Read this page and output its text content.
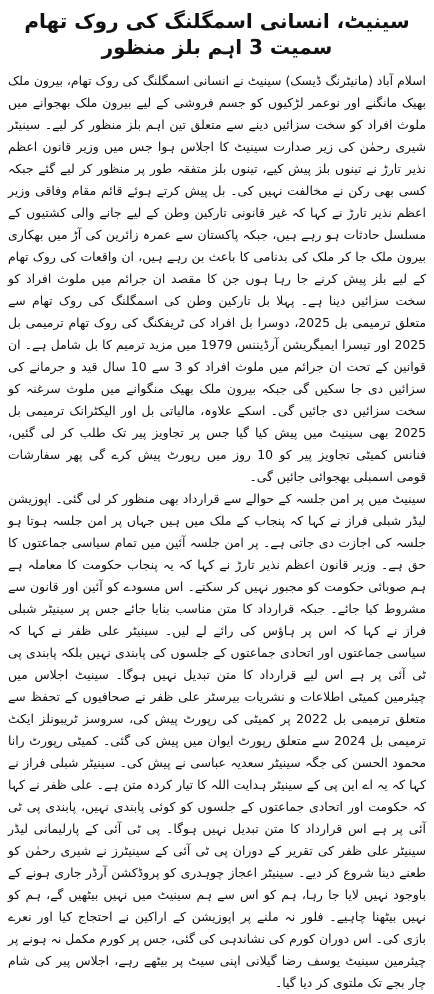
سینیٹ، انسانی اسمگلنگ کی روک تھام سمیت 3 اہم بلز منظور

اسلام آباد (مانیٹرنگ ڈیسک) سینیٹ نے انسانی اسمگلنگ کی روک تھام، بیرون ملک بھیک مانگنے اور نوعمر لڑکیوں کو جسم فروشی کے لیے بیرون ملک بھجوانے میں ملوث افراد کو سخت سزائیں دینے سے متعلق تین اہم بلز منظور کر لیے۔ سینیٹر شیری رحمٰن کی زیر صدارت سینیٹ کا اجلاس ہوا جس میں وزیر قانون اعظم نذیر تارڑ نے تینوں بلز پیش کیے، تینوں بلز متفقہ طور پر منظور کر لیے گئے جبکہ کسی بھی رکن نے مخالفت نہیں کی۔ بل پیش کرتے ہوئے قائم مقام وفاقی وزیر اعظم نذیر تارڑ نے کہا کہ غیر قانونی تارکین وطن کے لیے جانے والی کشتیوں کے مسلسل حادثات ہو رہے ہیں، جبکہ پاکستان سے عمرہ زائرین کی آڑ میں بھکاری بیرون ملک جا کر ملک کی بدنامی کا باعث بن رہے ہیں، ان واقعات کی روک تھام کے لیے بلز پیش کرنے جا رہا ہوں جن کا مقصد ان جرائم میں ملوث افراد کو سخت سزائیں دینا ہے۔ پہلا بل تارکین وطن کی اسمگلنگ کی روک تھام سے متعلق ترمیمی بل 2025، دوسرا بل افراد کی ٹریفکنگ کی روک تھام ترمیمی بل 2025 اور تیسرا ایمیگریشن آرڈیننس 1979 میں مزید ترمیم کا بل شامل ہے۔ ان قوانین کے تحت ان جرائم میں ملوث افراد کو 3 سے 10 سال قید و جرمانے کی سزائیں دی جا سکیں گی جبکہ بیرون ملک بھیک منگوانے میں ملوث سرغنہ کو سخت سزائیں دی جائیں گی۔ اسکے علاوہ، مالیاتی بل اور الیکٹرانک ترمیمی بل 2025 بھی سینیٹ میں پیش کیا گیا جس پر تجاویز پیر تک طلب کر لی گئیں، فنانس کمیٹی تجاویز پیر کو 10 روز میں رپورٹ پیش کرے گی پھر سفارشات قومی اسمبلی بھجوائی جائیں گی۔

سینیٹ میں پر امن جلسہ کے حوالے سے قرارداد بھی منظور کر لی گئی۔ اپوزیشن لیڈر شبلی فراز نے کہا کہ پنجاب کے ملک میں ہیں جہاں پر امن جلسہ ہوتا ہو جلسہ کی اجازت دی جاتی ہے۔ پر امن جلسہ آئین میں تمام سیاسی جماعتوں کا حق ہے۔ وزیر قانون اعظم نذیر تارڑ نے کہا کہ یہ پنجاب حکومت کا معاملہ ہے ہم صوبائی حکومت کو مجبور نہیں کر سکتے۔ اس مسودے کو آئین اور قانون سے مشروط کیا جائے۔ جبکہ قرارداد کا متن مناسب بنایا جائے جس پر سینیٹر شبلی فراز نے کہا کہ اس پر ہاؤس کی رائے لے لیں۔ سینیٹر علی ظفر نے کہا کہ سیاسی جماعتوں اور اتحادی جماعتوں کے جلسوں کی پابندی نہیں بلکہ پابندی پی ٹی آئی پر ہے اس لیے قرارداد کا متن تبدیل نہیں ہوگا۔ سینیٹ اجلاس میں چیئرمین کمیٹی اطلاعات و نشریات بیرسٹر علی ظفر نے صحافیوں کے تحفظ سے متعلق ترمیمی بل 2022 پر کمیٹی کی رپورٹ پیش کی، سروسز ٹریبونلز ایکٹ ترمیمی بل 2024 سے متعلق رپورٹ ایوان میں پیش کی گئی۔ کمیٹی رپورٹ رانا محمود الحسن کی جگہ سینیٹر سعدیہ عباسی نے پیش کی۔ سینیٹر شبلی فراز نے کہا کہ یہ اے این پی کے سینیٹر ہدایت اللہ کا تیار کردہ متن ہے۔ علی ظفر نے کہا کہ حکومت اور اتحادی جماعتوں کے جلسوں کو کوئی پابندی نہیں، پابندی پی ٹی آئی پر ہے اس قرارداد کا متن تبدیل نہیں ہوگا۔ پی ٹی آئی کے پارلیمانی لیڈر سینیٹر علی ظفر کی تقریر کے دوران پی ٹی آئی کے سینیٹرز نے شیری رحمٰن کو طعنے دینا شروع کر دیے۔ سینیٹر اعجاز چوہدری کو پروڈکشن آرڈر جاری ہونے کے باوجود نہیں لایا جا رہا، ہم کو اس سے ہم سینیٹ میں نہیں بیٹھیں گے، ہم کو نہیں بیٹھنا چاہیے۔ فلور نہ ملنے پر اپوزیشن کے اراکین نے احتجاج کیا اور نعرے بازی کی۔ اس دوران کورم کی نشاندہی کی گئی، جس پر کورم مکمل نہ ہونے پر چیئرمین سینیٹ یوسف رضا گیلانی اپنی سیٹ پر بیٹھے رہے، اجلاس پیر کی شام چار بجے تک ملتوی کر دیا گیا۔
